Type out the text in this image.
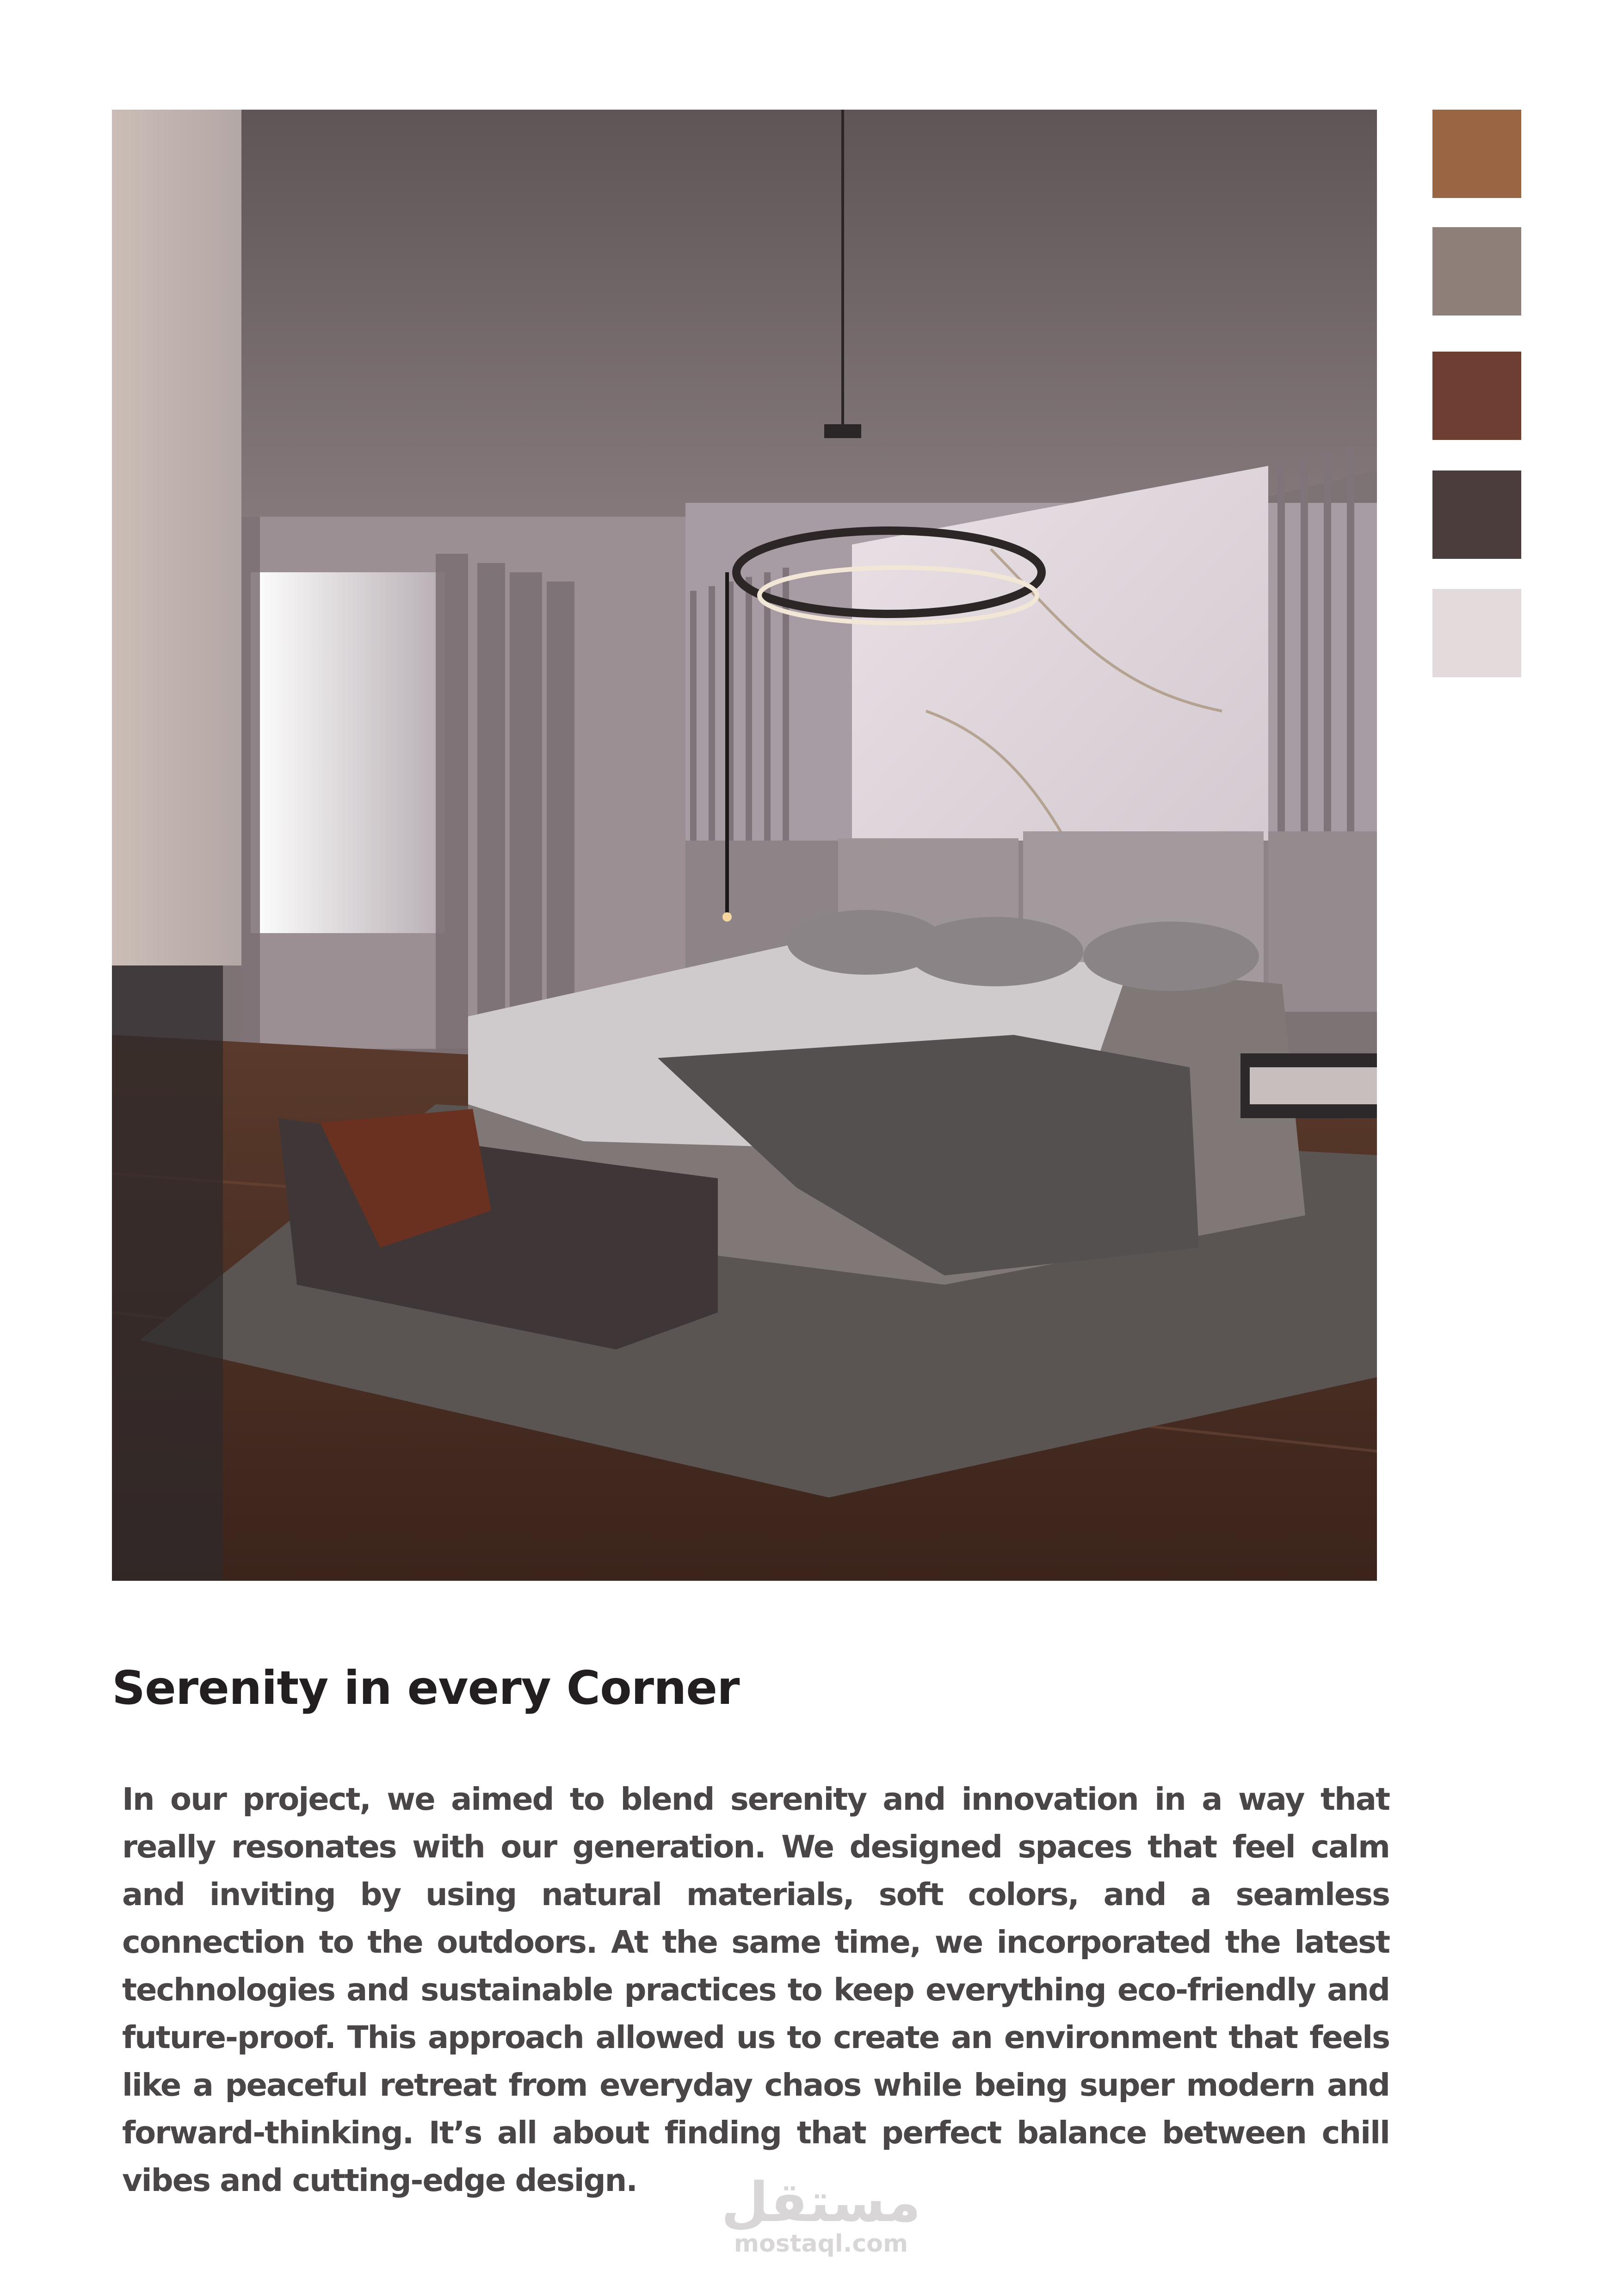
Serenity in every Corner
In our project, we aimed to blend serenity and innovation in a way that really resonates with our generation. We designed spaces that feel calm and inviting by using natural materials, soft colors, and a seamless connection to the outdoors. At the same time, we incorporated the latest technologies and sustainable practices to keep everything eco-friendly and future-proof. This approach allowed us to create an environment that feels like a peaceful retreat from everyday chaos while being super modern and forward-thinking. It’s all about finding that perfect balance between chill vibes and cutting-edge design.	مستقل
mostaql.com
